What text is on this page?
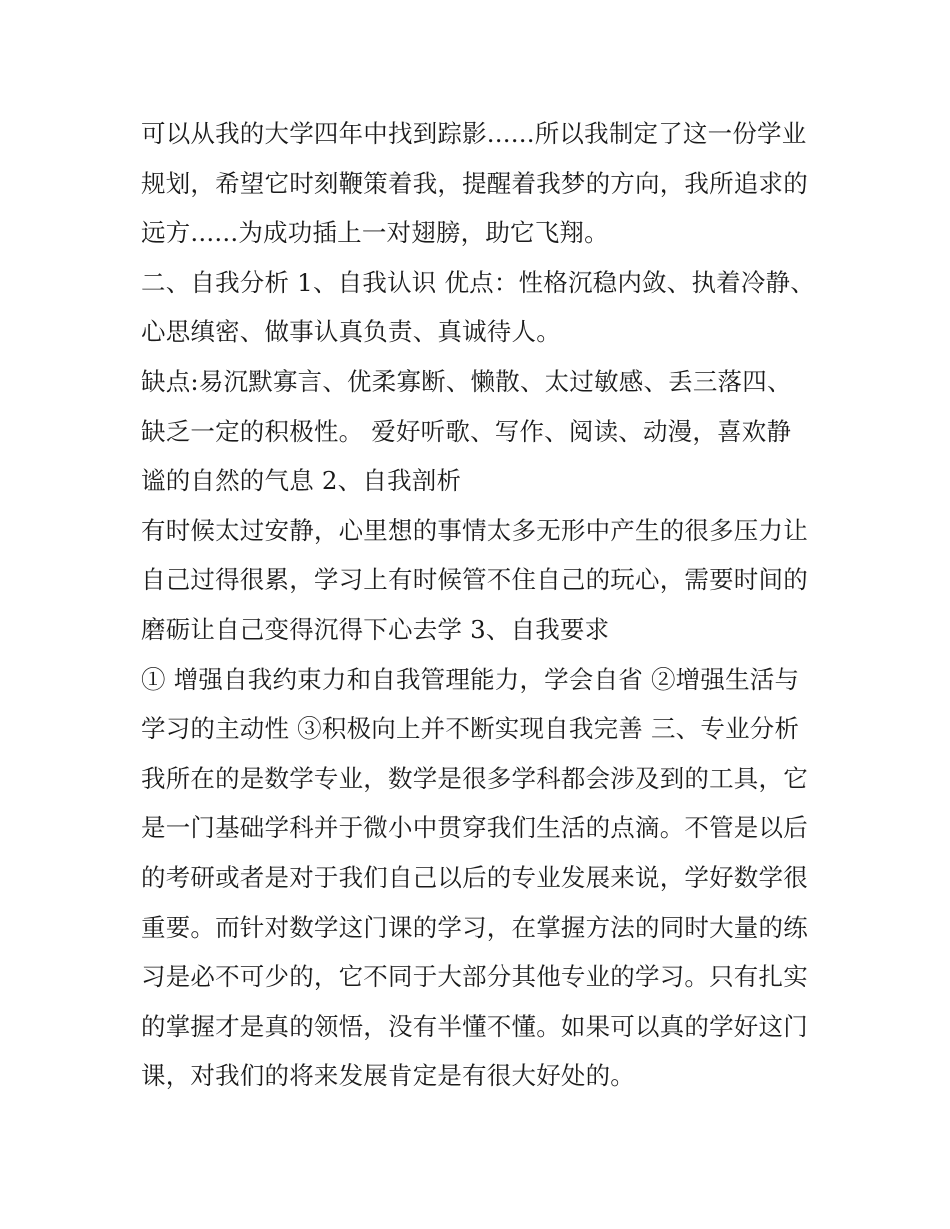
可以从我的大学四年中找到踪影......所以我制定了这一份学业
规划，希望它时刻鞭策着我，提醒着我梦的方向，我所追求的
远方......为成功插上一对翅膀，助它飞翔。
二、自我分析 1、自我认识 优点：性格沉稳内敛、执着冷静、
心思缜密、做事认真负责、真诚待人。
缺点:易沉默寡言、优柔寡断、懒散、太过敏感、丢三落四、
缺乏一定的积极性。 爱好听歌、写作、阅读、动漫，喜欢静
谧的自然的气息 2、自我剖析
有时候太过安静，心里想的事情太多无形中产生的很多压力让
自己过得很累，学习上有时候管不住自己的玩心，需要时间的
磨砺让自己变得沉得下心去学 3、自我要求
① 增强自我约束力和自我管理能力，学会自省 ②增强生活与
学习的主动性 ③积极向上并不断实现自我完善 三、专业分析
我所在的是数学专业，数学是很多学科都会涉及到的工具，它
是一门基础学科并于微小中贯穿我们生活的点滴。不管是以后
的考研或者是对于我们自己以后的专业发展来说，学好数学很
重要。而针对数学这门课的学习，在掌握方法的同时大量的练
习是必不可少的，它不同于大部分其他专业的学习。只有扎实
的掌握才是真的领悟，没有半懂不懂。如果可以真的学好这门
课，对我们的将来发展肯定是有很大好处的。
